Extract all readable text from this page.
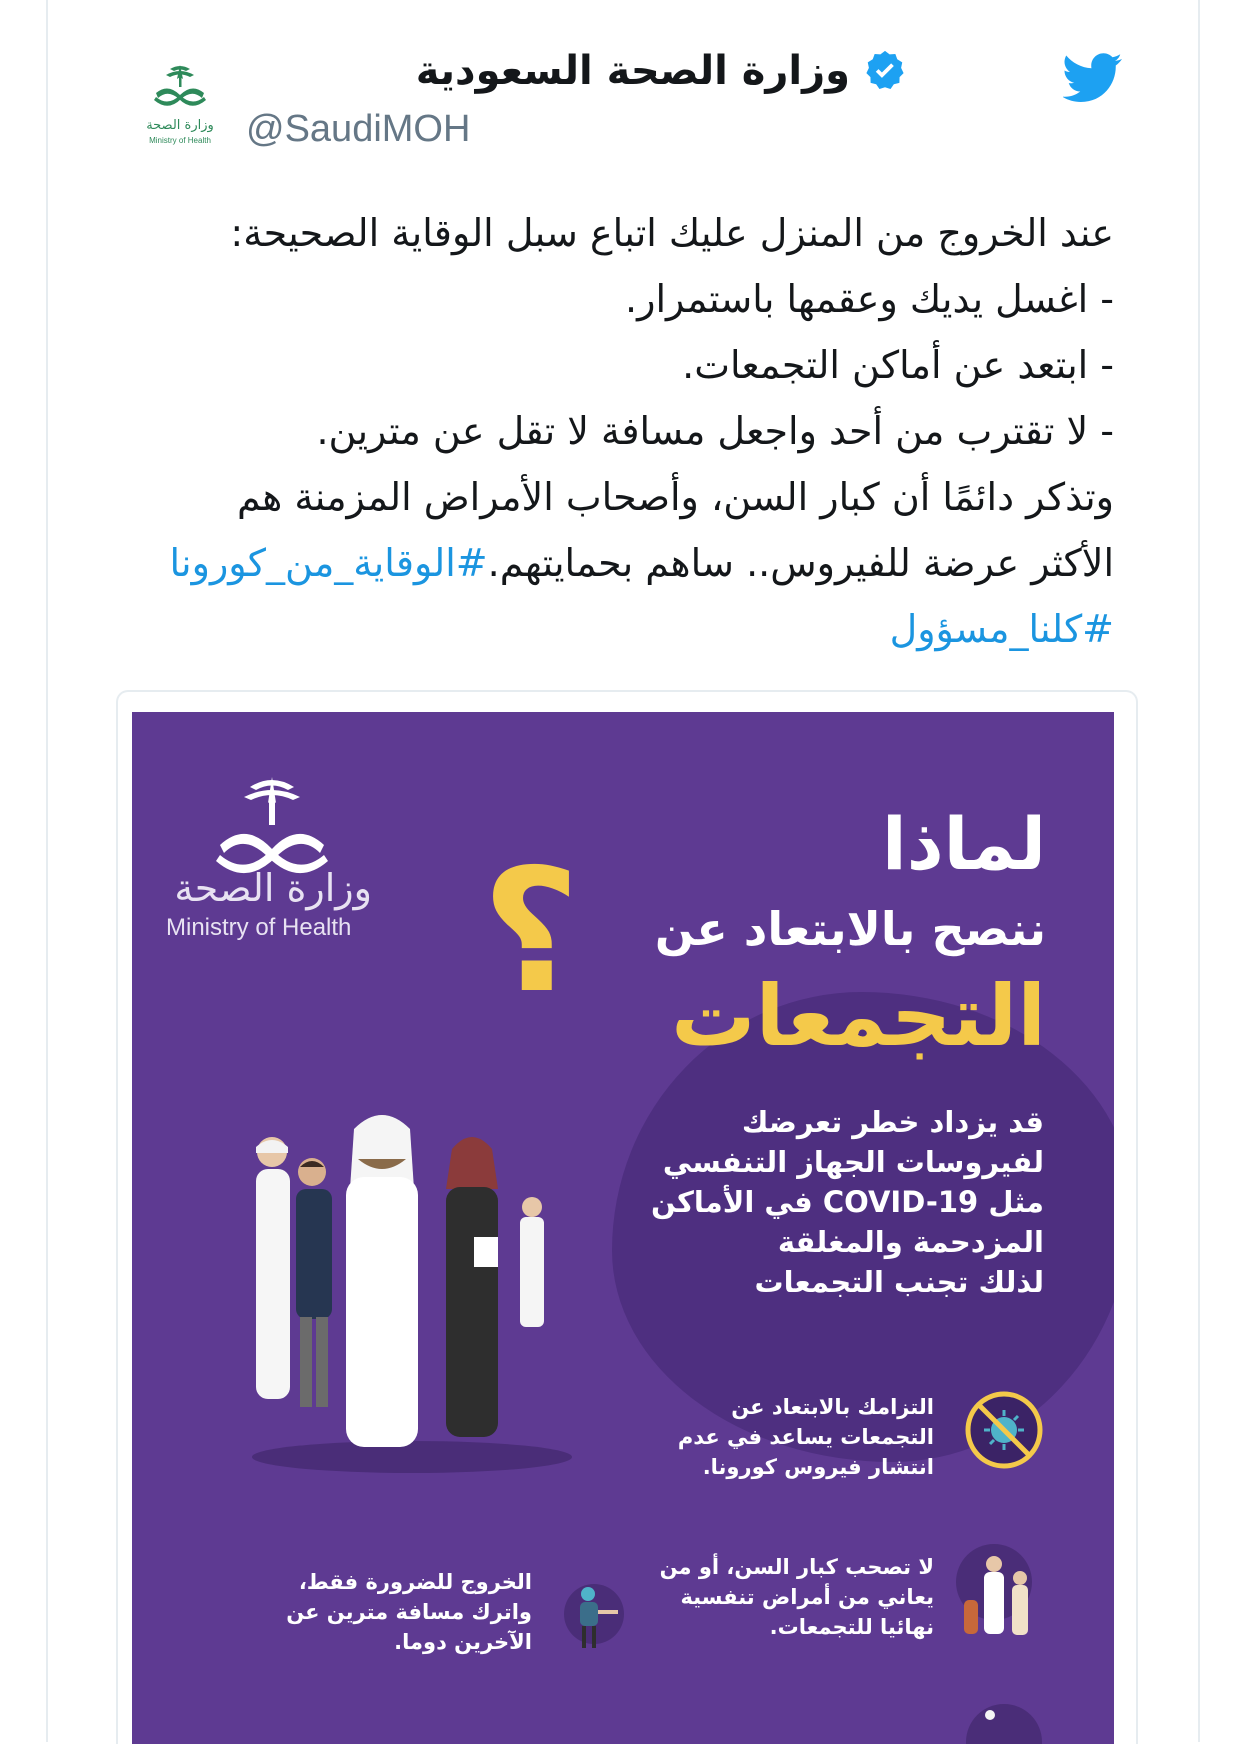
وزارة الصحة
Ministry of Health
وزارة الصحة السعودية
@SaudiMOH

عند الخروج من المنزل عليك اتباع سبل الوقاية الصحيحة:

- اغسل يديك وعقمها باستمرار.

- ابتعد عن أماكن التجمعات.

- لا تقترب من أحد واجعل مسافة لا تقل عن مترين.

وتذكر دائمًا أن كبار السن، وأصحاب الأمراض المزمنة هم

الأكثر عرضة للفيروس.. ساهم بحمايتهم.#الوقاية_من_كورونا

#كلنا_مسؤول

وزارة الصحة
Ministry of Health ?	لماذا
ننصح بالابتعاد عن
التجمعات
قد يزداد خطر تعرضك
لفيروسات الجهاز التنفسي
مثل COVID-19 في الأماكن
المزدحمة والمغلقة
لذلك تجنب التجمعات
التزامك بالابتعاد عن
التجمعات يساعد في عدم
انتشار فيروس كورونا.
لا تصحب كبار السن، أو من
يعاني من أمراض تنفسية
نهائيا للتجمعات.
الخروج للضرورة فقط،
واترك مسافة مترين عن
الآخرين دوما.
